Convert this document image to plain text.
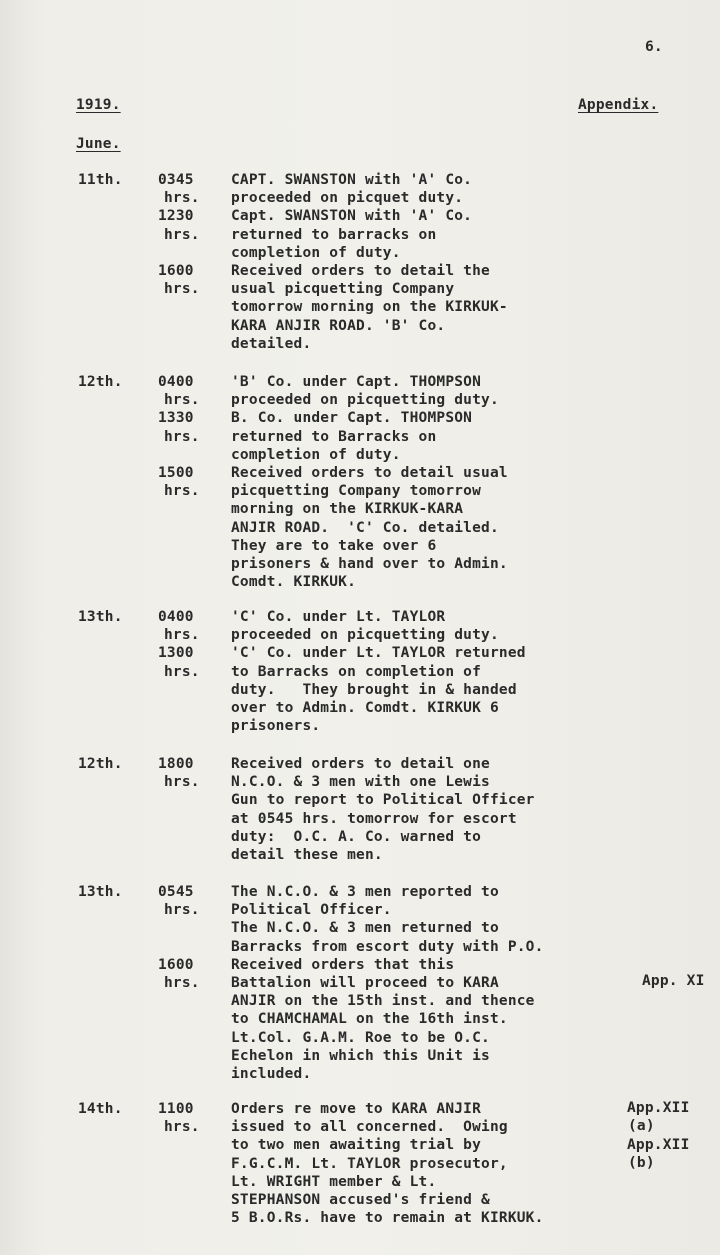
6.
1919.	Appendix.
June.
11th. 0345
hrs.
CAPT. SWANSTON with 'A' Co.
proceeded on picquet duty.
1230
hrs.
Capt. SWANSTON with 'A' Co.
returned to barracks on
completion of duty.
1600
hrs.
Received orders to detail the
usual picquetting Company
tomorrow morning on the KIRKUK-
KARA ANJIR ROAD. 'B' Co.
detailed.
12th. 0400
hrs.
'B' Co. under Capt. THOMPSON
proceeded on picquetting duty.
1330
hrs.
B. Co. under Capt. THOMPSON
returned to Barracks on
completion of duty.
1500
hrs.
Received orders to detail usual
picquetting Company tomorrow
morning on the KIRKUK-KARA
ANJIR ROAD.  'C' Co. detailed.
They are to take over 6
prisoners & hand over to Admin.
Comdt. KIRKUK.
13th. 0400
hrs.
'C' Co. under Lt. TAYLOR
proceeded on picquetting duty.
1300
hrs.
'C' Co. under Lt. TAYLOR returned
to Barracks on completion of
duty.   They brought in & handed
over to Admin. Comdt. KIRKUK 6
prisoners.
12th. 1800
hrs.
Received orders to detail one
N.C.O. & 3 men with one Lewis
Gun to report to Political Officer
at 0545 hrs. tomorrow for escort
duty:  O.C. A. Co. warned to
detail these men.
13th. 0545
hrs.
The N.C.O. & 3 men reported to
Political Officer.
The N.C.O. & 3 men returned to
Barracks from escort duty with P.O.
1600
hrs.
Received orders that this
Battalion will proceed to KARA
ANJIR on the 15th inst. and thence
to CHAMCHAMAL on the 16th inst.
Lt.Col. G.A.M. Roe to be O.C.
Echelon in which this Unit is
included.
14th. 1100
hrs.
Orders re move to KARA ANJIR
issued to all concerned.  Owing
to two men awaiting trial by
F.G.C.M. Lt. TAYLOR prosecutor,
Lt. WRIGHT member & Lt.
STEPHANSON accused's friend &
5 B.O.Rs. have to remain at KIRKUK.
App. XI
App.XII
(a)
App.XII
(b)
